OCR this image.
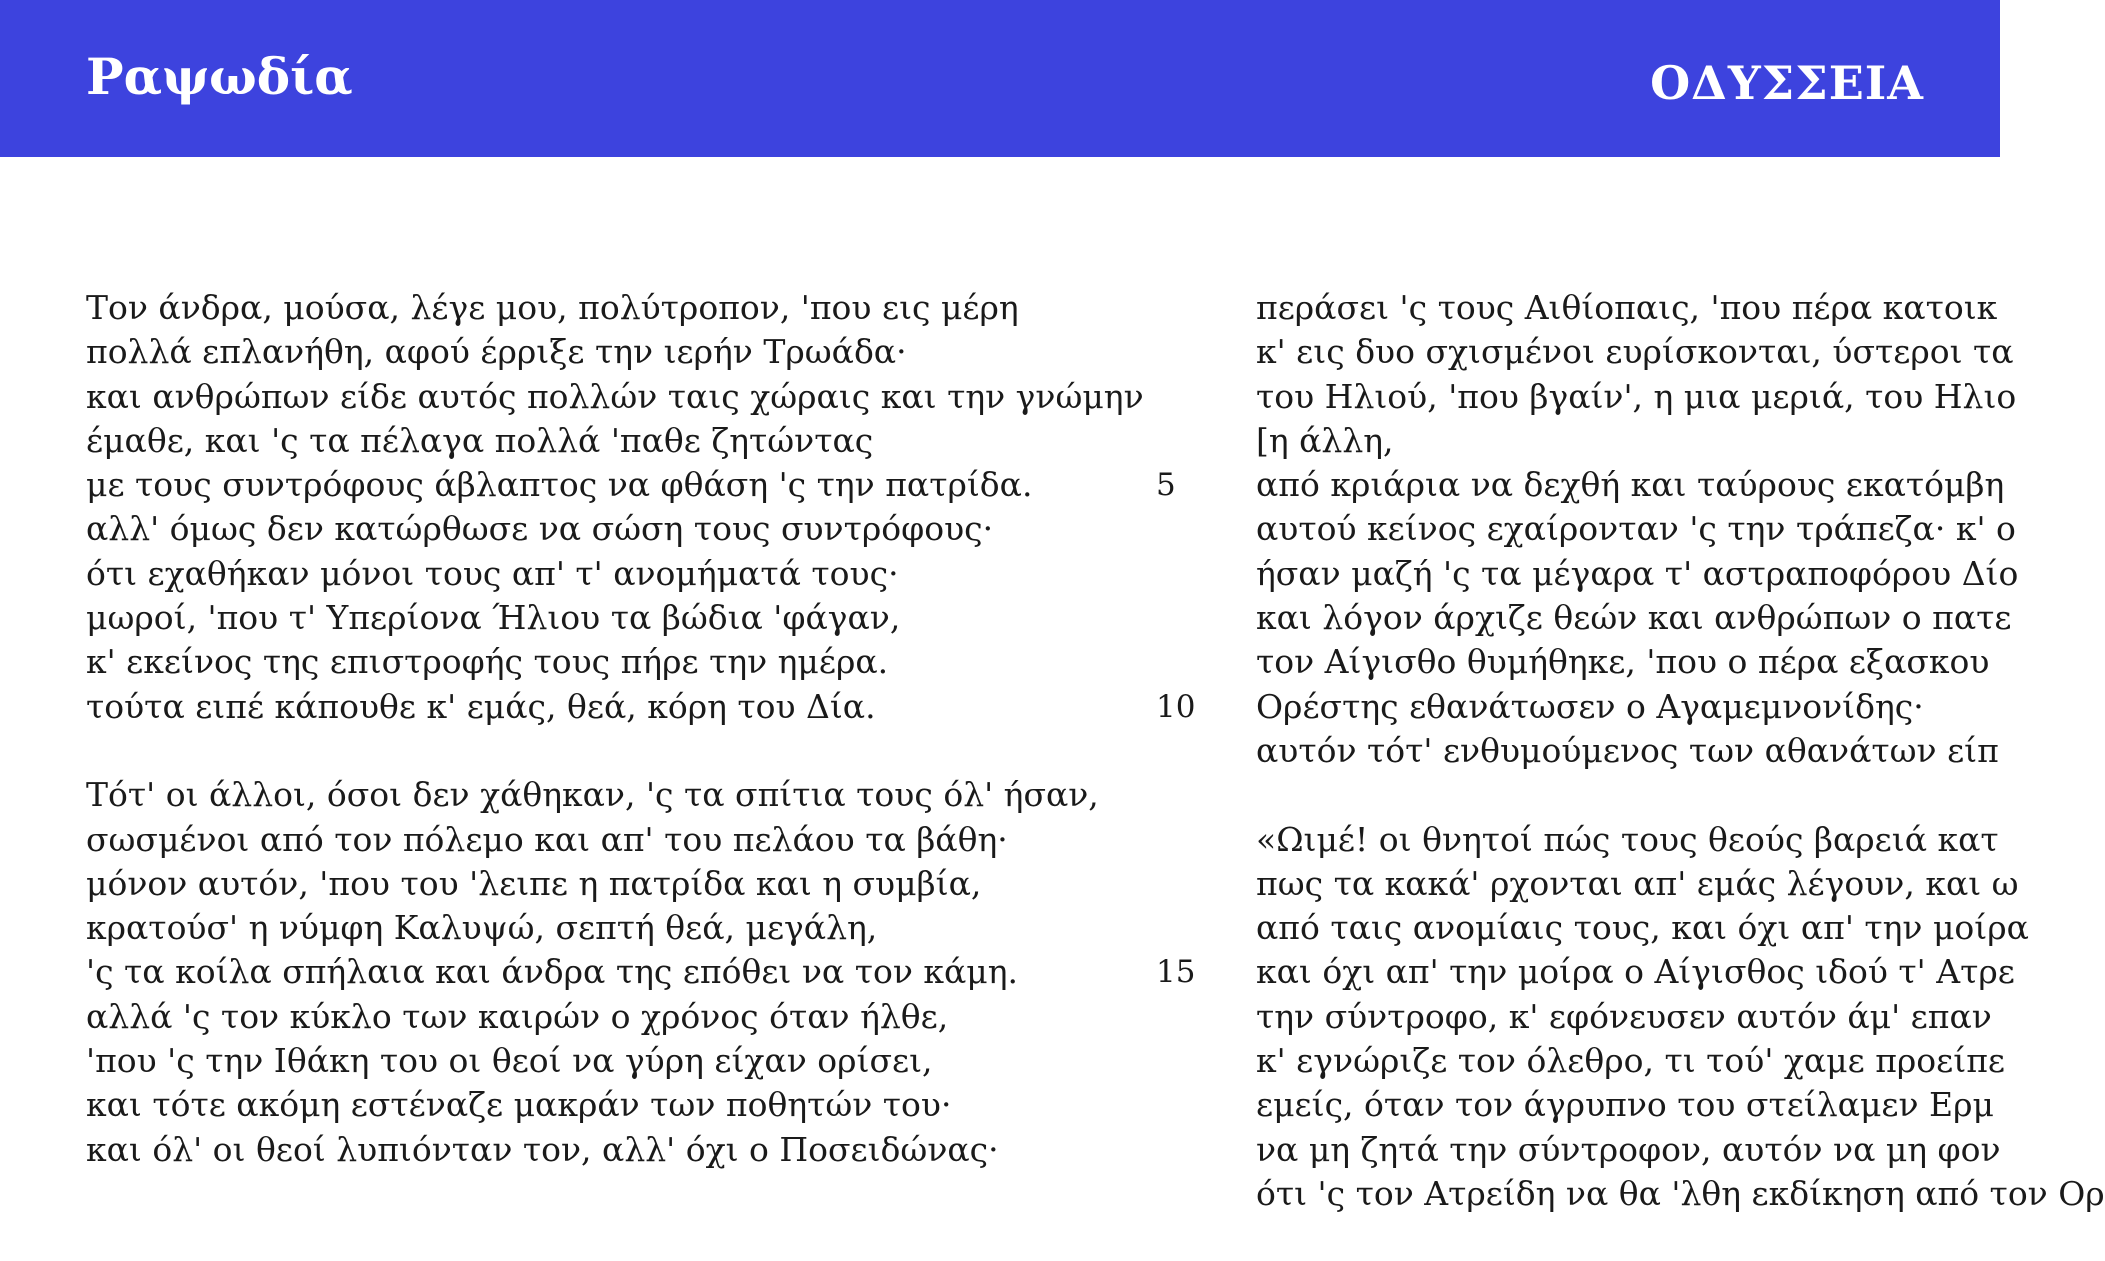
Ραψωδία	ΟΔΥΣΣΕΙΑ
Τον άνδρα, μούσα, λέγε μου, πολύτροπον, 'που εις μέρη
πολλά επλανήθη, αφού έρριξε την ιερήν Τρωάδα·
και ανθρώπων είδε αυτός πολλών ταις χώραις και την γνώμην
έμαθε, και 'ς τα πέλαγα πολλά 'παθε ζητώντας
με τους συντρόφους άβλαπτος να φθάση 'ς την πατρίδα.	5
αλλ' όμως δεν κατώρθωσε να σώση τους συντρόφους·
ότι εχαθήκαν μόνοι τους απ' τ' ανομήματά τους·
μωροί, 'που τ' Υπερίονα Ήλιου τα βώδια 'φάγαν,
κ' εκείνος της επιστροφής τους πήρε την ημέρα.
τούτα ειπέ κάπουθε κ' εμάς, θεά, κόρη του Δία.	10
Τότ' οι άλλοι, όσοι δεν χάθηκαν, 'ς τα σπίτια τους όλ' ήσαν,
σωσμένοι από τον πόλεμο και απ' του πελάου τα βάθη·
μόνον αυτόν, 'που του 'λειπε η πατρίδα και η συμβία,
κρατούσ' η νύμφη Καλυψώ, σεπτή θεά, μεγάλη,
'ς τα κοίλα σπήλαια και άνδρα της επόθει να τον κάμη.	15
αλλά 'ς τον κύκλο των καιρών ο χρόνος όταν ήλθε,
'που 'ς την Ιθάκη του οι θεοί να γύρη είχαν ορίσει,
και τότε ακόμη εστέναζε μακράν των ποθητών του·
και όλ' οι θεοί λυπιόνταν τον, αλλ' όχι ο Ποσειδώνας·
περάσει 'ς τους Αιθίοπαις, 'που πέρα κατοικ
κ' εις δυο σχισμένοι ευρίσκονται, ύστεροι τα
του Ηλιού, 'που βγαίν', η μια μεριά, του Ηλιο
[η άλλη,
από κριάρια να δεχθή και ταύρους εκατόμβη
αυτού κείνος εχαίρονταν 'ς την τράπεζα· κ' ο
ήσαν μαζή 'ς τα μέγαρα τ' αστραποφόρου Δίο
και λόγον άρχιζε θεών και ανθρώπων ο πατε
τον Αίγισθο θυμήθηκε, 'που ο πέρα εξασκου
Ορέστης εθανάτωσεν ο Αγαμεμνονίδης·
αυτόν τότ' ενθυμούμενος των αθανάτων είπ
«Ωιμέ! οι θνητοί πώς τους θεούς βαρειά κατ
πως τα κακά' ρχονται απ' εμάς λέγουν, και ω
από ταις ανομίαις τους, και όχι απ' την μοίρα
και όχι απ' την μοίρα ο Αίγισθος ιδού τ' Ατρε
την σύντροφο, κ' εφόνευσεν αυτόν άμ' επαν
κ' εγνώριζε τον όλεθρο, τι τού' χαμε προείπε
εμείς, όταν τον άγρυπνο του στείλαμεν Ερμ
να μη ζητά την σύντροφον, αυτόν να μη φον
ότι 'ς τον Ατρείδη να θα 'λθη εκδίκηση από τον Ορ
